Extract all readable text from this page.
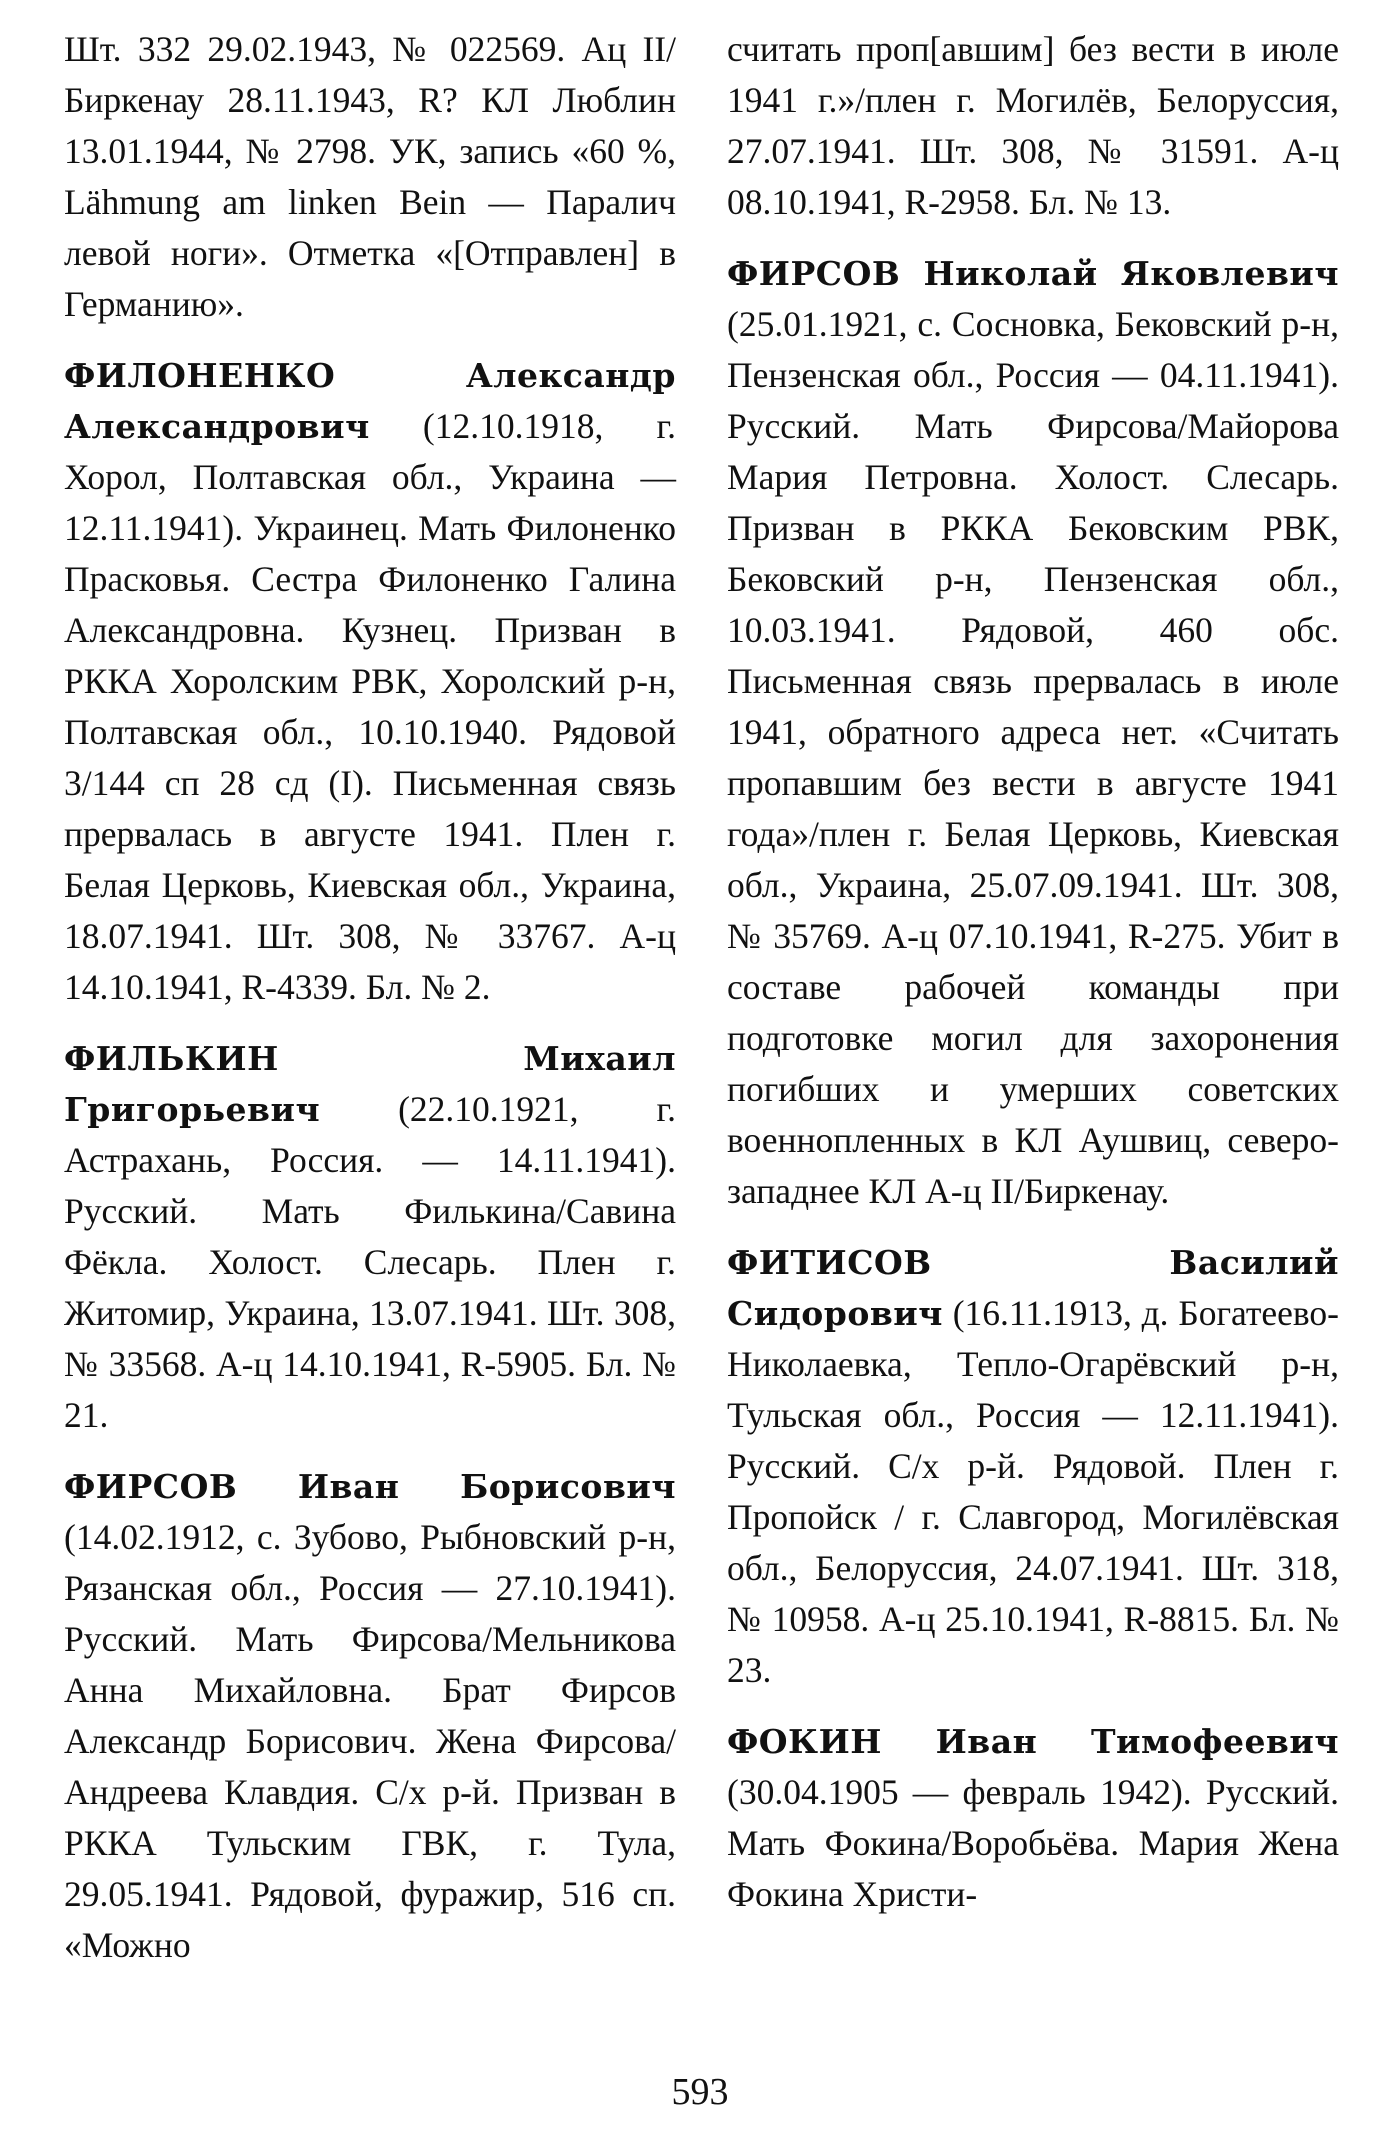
Шт. 332 29.02.1943, № 022569. Ац II/Биркенау 28.11.1943, R? КЛ Люблин 13.01.1944, № 2798. УК, запись «60 %, Lähmung am linken Bein — Паралич левой ноги». Отметка «[Отправлен] в Германию».

ФИЛОНЕНКО Александр Александрович (12.10.1918, г. Хорол, Полтавская обл., Украина — 12.11.1941). Украинец. Мать Филоненко Прасковья. Сестра Филоненко Галина Александровна. Кузнец. Призван в РККА Хоролским РВК, Хоролский р-н, Полтавская обл., 10.10.1940. Рядовой 3/144 сп 28 сд (I). Письменная связь прервалась в августе 1941. Плен г. Белая Церковь, Киевская обл., Украина, 18.07.1941. Шт. 308, № 33767. А-ц 14.10.1941, R-4339. Бл. № 2.

ФИЛЬКИН Михаил Григорьевич (22.10.1921, г. Астрахань, Россия. — 14.11.1941). Русский. Мать Филькина/Савина Фёкла. Холост. Слесарь. Плен г. Житомир, Украина, 13.07.1941. Шт. 308, № 33568. А-ц 14.10.1941, R-5905. Бл. № 21.

ФИРСОВ Иван Борисович (14.02.1912, с. Зубово, Рыбновский р-н, Рязанская обл., Россия — 27.10.1941). Русский. Мать Фирсова/Мельникова Анна Михайловна. Брат Фирсов Александр Борисович. Жена Фирсова/Андреева Клавдия. С/х р-й. Призван в РККА Тульским ГВК, г. Тула, 29.05.1941. Рядовой, фуражир, 516 сп. «Можно

считать проп[авшим] без вести в июле 1941 г.»/плен г. Могилёв, Белоруссия, 27.07.1941. Шт. 308, № 31591. А-ц 08.10.1941, R-2958. Бл. № 13.

ФИРСОВ Николай Яковлевич (25.01.1921, с. Сосновка, Бековский р-н, Пензенская обл., Россия — 04.11.1941). Русский. Мать Фирсова/Майорова Мария Петровна. Холост. Слесарь. Призван в РККА Бековским РВК, Бековский р-н, Пензенская обл., 10.03.1941. Рядовой, 460 обс. Письменная связь прервалась в июле 1941, обратного адреса нет. «Считать пропавшим без вести в августе 1941 года»/плен г. Белая Церковь, Киевская обл., Украина, 25.07.09.1941. Шт. 308, № 35769. А-ц 07.10.1941, R-275. Убит в составе рабочей команды при подготовке могил для захоронения погибших и умерших советских военнопленных в КЛ Аушвиц, северо-западнее КЛ А-ц II/Биркенау.

ФИТИСОВ Василий Сидорович (16.11.1913, д. Богатеево-Николаевка, Тепло-Огарёвский р-н, Тульская обл., Россия — 12.11.1941). Русский. С/х р-й. Рядовой. Плен г. Пропойск / г. Славгород, Могилёвская обл., Белоруссия, 24.07.1941. Шт. 318, № 10958. А-ц 25.10.1941, R-8815. Бл. № 23.

ФОКИН Иван Тимофеевич (30.04.1905 — февраль 1942). Русский. Мать Фокина/Воробьёва. Мария Жена Фокина Христи-

593
